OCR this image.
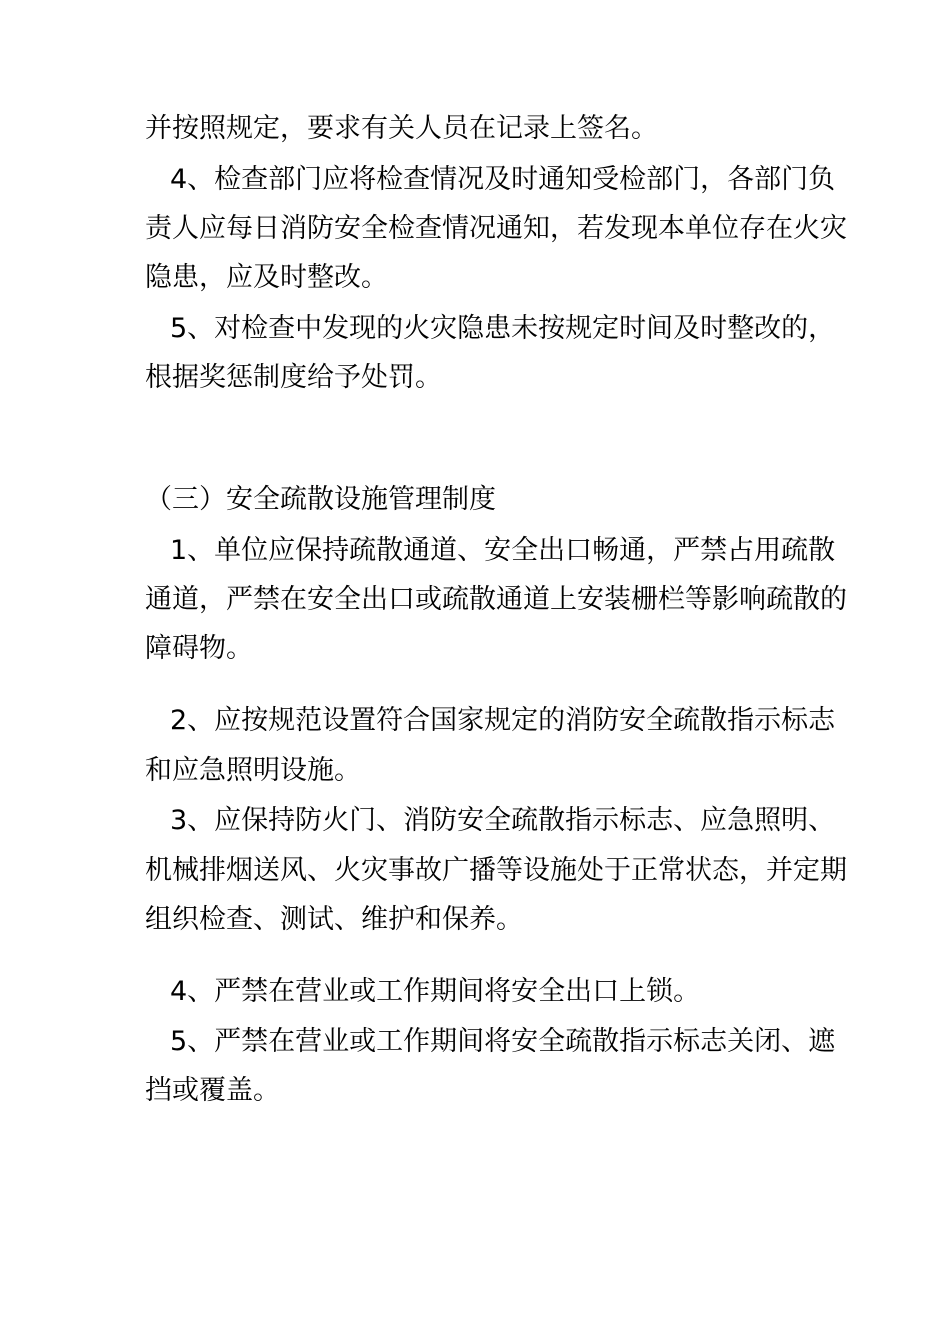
并按照规定，要求有关人员在记录上签名。
4、检查部门应将检查情况及时通知受检部门，各部门负
责人应每日消防安全检查情况通知，若发现本单位存在火灾
隐患，应及时整改。
5、对检查中发现的火灾隐患未按规定时间及时整改的，
根据奖惩制度给予处罚。
（三）安全疏散设施管理制度
1、单位应保持疏散通道、安全出口畅通，严禁占用疏散
通道，严禁在安全出口或疏散通道上安装栅栏等影响疏散的
障碍物。
2、应按规范设置符合国家规定的消防安全疏散指示标志
和应急照明设施。
3、应保持防火门、消防安全疏散指示标志、应急照明、
机械排烟送风、火灾事故广播等设施处于正常状态，并定期
组织检查、测试、维护和保养。
4、严禁在营业或工作期间将安全出口上锁。
5、严禁在营业或工作期间将安全疏散指示标志关闭、遮
挡或覆盖。
